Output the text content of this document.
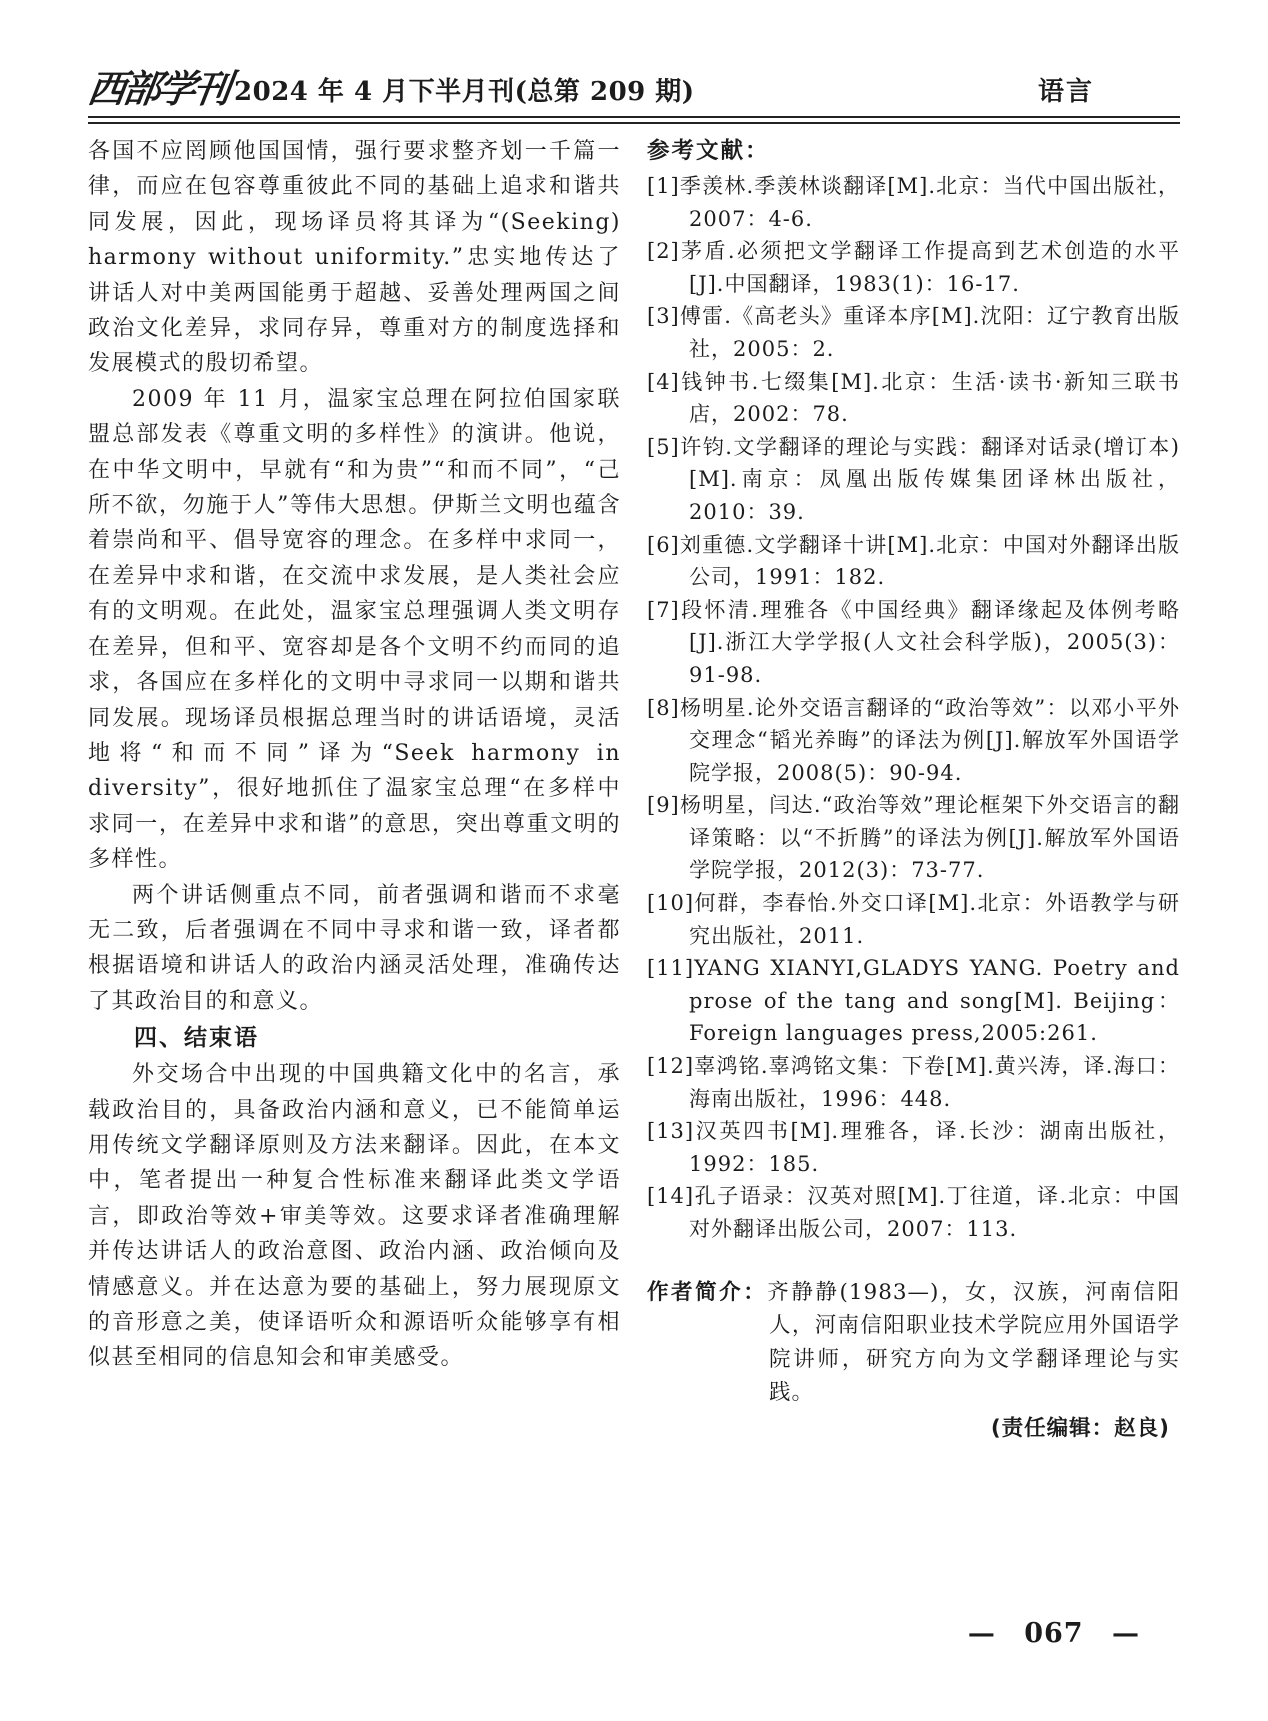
西部学刊 2024 年 4 月下半月刊(总第 209 期)	语言

各国不应罔顾他国国情，强行要求整齐划一千篇一律，而应在包容尊重彼此不同的基础上追求和谐共同发展，因此，现场译员将其译为“(Seeking) harmony without uniformity.”忠实地传达了讲话人对中美两国能勇于超越、妥善处理两国之间政治文化差异，求同存异，尊重对方的制度选择和发展模式的殷切希望。

2009 年 11 月，温家宝总理在阿拉伯国家联盟总部发表《尊重文明的多样性》的演讲。他说，在中华文明中，早就有“和为贵”“和而不同”，“己所不欲，勿施于人”等伟大思想。伊斯兰文明也蕴含着崇尚和平、倡导宽容的理念。在多样中求同一，在差异中求和谐，在交流中求发展，是人类社会应有的文明观。在此处，温家宝总理强调人类文明存在差异，但和平、宽容却是各个文明不约而同的追求，各国应在多样化的文明中寻求同一以期和谐共同发展。现场译员根据总理当时的讲话语境，灵活地将“和而不同”译为“Seek harmony in diversity”，很好地抓住了温家宝总理“在多样中求同一，在差异中求和谐”的意思，突出尊重文明的多样性。

两个讲话侧重点不同，前者强调和谐而不求毫无二致，后者强调在不同中寻求和谐一致，译者都根据语境和讲话人的政治内涵灵活处理，准确传达了其政治目的和意义。

四、结束语

外交场合中出现的中国典籍文化中的名言，承载政治目的，具备政治内涵和意义，已不能简单运用传统文学翻译原则及方法来翻译。因此，在本文中，笔者提出一种复合性标准来翻译此类文学语言，即政治等效+审美等效。这要求译者准确理解并传达讲话人的政治意图、政治内涵、政治倾向及情感意义。并在达意为要的基础上，努力展现原文的音形意之美，使译语听众和源语听众能够享有相似甚至相同的信息知会和审美感受。

参考文献：

[1]季羡林.季羡林谈翻译[M].北京：当代中国出版社，2007：4-6.

[2]茅盾.必须把文学翻译工作提高到艺术创造的水平[J].中国翻译，1983(1)：16-17.

[3]傅雷.《高老头》重译本序[M].沈阳：辽宁教育出版社，2005：2.

[4]钱钟书.七缀集[M].北京：生活·读书·新知三联书店，2002：78.

[5]许钧.文学翻译的理论与实践：翻译对话录(增订本)[M].南京：凤凰出版传媒集团译林出版社，2010：39.

[6]刘重德.文学翻译十讲[M].北京：中国对外翻译出版公司，1991：182.

[7]段怀清.理雅各《中国经典》翻译缘起及体例考略[J].浙江大学学报(人文社会科学版)，2005(3)：91-98.

[8]杨明星.论外交语言翻译的“政治等效”：以邓小平外交理念“韬光养晦”的译法为例[J].解放军外国语学院学报，2008(5)：90-94.

[9]杨明星，闫达.“政治等效”理论框架下外交语言的翻译策略：以“不折腾”的译法为例[J].解放军外国语学院学报，2012(3)：73-77.

[10]何群，李春怡.外交口译[M].北京：外语教学与研究出版社，2011.

[11]YANG XIANYI,GLADYS YANG. Poetry and prose of the tang and song[M]. Beijing：Foreign languages press,2005:261.

[12]辜鸿铭.辜鸿铭文集：下卷[M].黄兴涛，译.海口：海南出版社，1996：448.

[13]汉英四书[M].理雅各，译.长沙：湖南出版社，1992：185.

[14]孔子语录：汉英对照[M].丁往道，译.北京：中国对外翻译出版公司，2007：113.

作者简介：齐静静(1983—)，女，汉族，河南信阳人，河南信阳职业技术学院应用外国语学院讲师，研究方向为文学翻译理论与实践。
(责任编辑：赵良)
— 067 —
